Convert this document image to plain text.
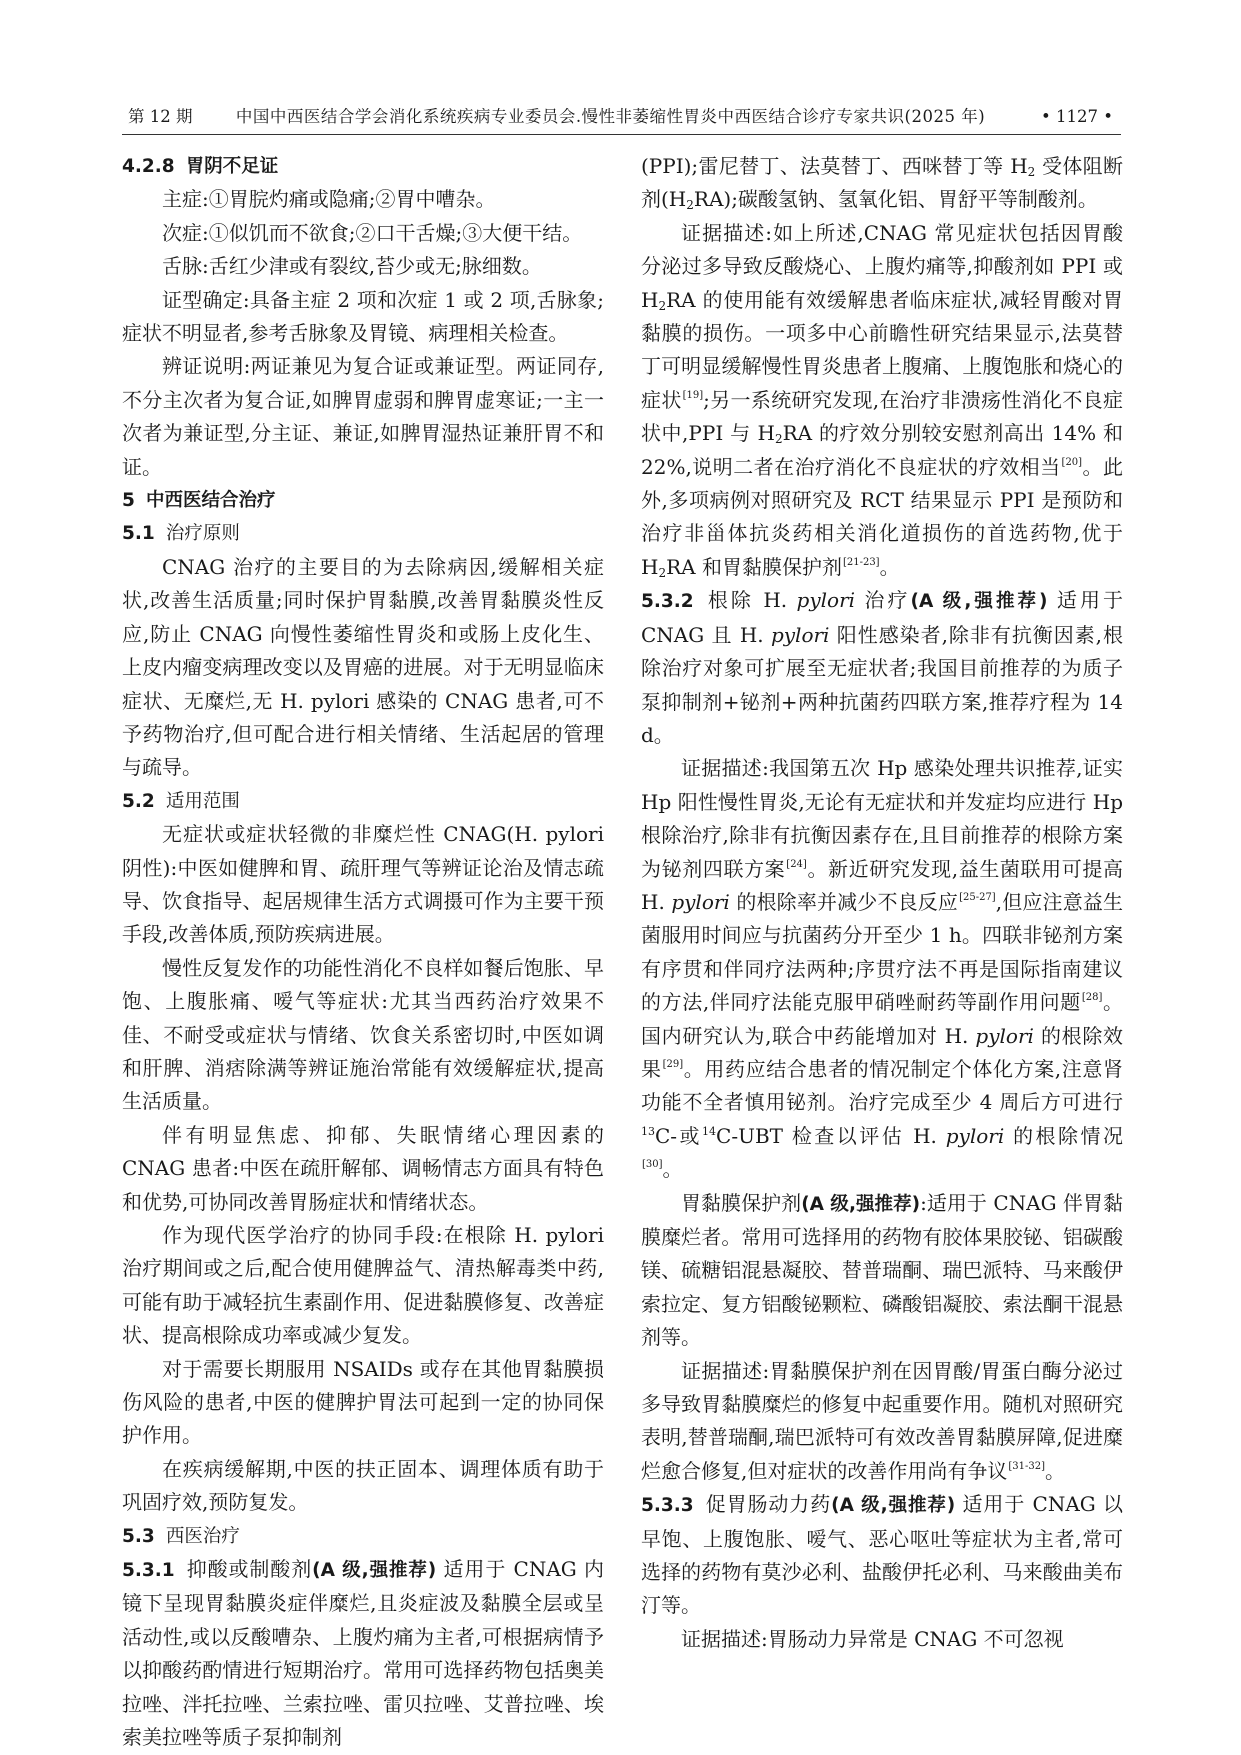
第 12 期	中国中西医结合学会消化系统疾病专业委员会.慢性非萎缩性胃炎中西医结合诊疗专家共识(2025 年)	• 1127 •

4.2.8 胃阴不足证

主症:①胃脘灼痛或隐痛;②胃中嘈杂。

次症:①似饥而不欲食;②口干舌燥;③大便干结。

舌脉:舌红少津或有裂纹,苔少或无;脉细数。

证型确定:具备主症 2 项和次症 1 或 2 项,舌脉象;症状不明显者,参考舌脉象及胃镜、病理相关检查。

辨证说明:两证兼见为复合证或兼证型。两证同存,不分主次者为复合证,如脾胃虚弱和脾胃虚寒证;一主一次者为兼证型,分主证、兼证,如脾胃湿热证兼肝胃不和证。

5 中西医结合治疗

5.1 治疗原则

CNAG 治疗的主要目的为去除病因,缓解相关症状,改善生活质量;同时保护胃黏膜,改善胃黏膜炎性反应,防止 CNAG 向慢性萎缩性胃炎和或肠上皮化生、上皮内瘤变病理改变以及胃癌的进展。对于无明显临床症状、无糜烂,无 H. pylori 感染的 CNAG 患者,可不予药物治疗,但可配合进行相关情绪、生活起居的管理与疏导。

5.2 适用范围

无症状或症状轻微的非糜烂性 CNAG(H. pylori 阴性):中医如健脾和胃、疏肝理气等辨证论治及情志疏导、饮食指导、起居规律生活方式调摄可作为主要干预手段,改善体质,预防疾病进展。

慢性反复发作的功能性消化不良样如餐后饱胀、早饱、上腹胀痛、嗳气等症状:尤其当西药治疗效果不佳、不耐受或症状与情绪、饮食关系密切时,中医如调和肝脾、消痞除满等辨证施治常能有效缓解症状,提高生活质量。

伴有明显焦虑、抑郁、失眠情绪心理因素的 CNAG 患者:中医在疏肝解郁、调畅情志方面具有特色和优势,可协同改善胃肠症状和情绪状态。

作为现代医学治疗的协同手段:在根除 H. pylori 治疗期间或之后,配合使用健脾益气、清热解毒类中药,可能有助于减轻抗生素副作用、促进黏膜修复、改善症状、提高根除成功率或减少复发。

对于需要长期服用 NSAIDs 或存在其他胃黏膜损伤风险的患者,中医的健脾护胃法可起到一定的协同保护作用。

在疾病缓解期,中医的扶正固本、调理体质有助于巩固疗效,预防复发。

5.3 西医治疗

5.3.1 抑酸或制酸剂(A 级,强推荐) 适用于 CNAG 内镜下呈现胃黏膜炎症伴糜烂,且炎症波及黏膜全层或呈活动性,或以反酸嘈杂、上腹灼痛为主者,可根据病情予以抑酸药酌情进行短期治疗。常用可选择药物包括奥美拉唑、泮托拉唑、兰索拉唑、雷贝拉唑、艾普拉唑、埃索美拉唑等质子泵抑制剂

(PPI);雷尼替丁、法莫替丁、西咪替丁等 $H_2$ 受体阻断剂$(H_2RA)$;碳酸氢钠、氢氧化铝、胃舒平等制酸剂。

证据描述:如上所述,CNAG 常见症状包括因胃酸分泌过多导致反酸烧心、上腹灼痛等,抑酸剂如 PPI 或 $H_2RA$ 的使用能有效缓解患者临床症状,减轻胃酸对胃黏膜的损伤。一项多中心前瞻性研究结果显示,法莫替丁可明显缓解慢性胃炎患者上腹痛、上腹饱胀和烧心的症状[19];另一系统研究发现,在治疗非溃疡性消化不良症状中,PPI 与 $H_2RA$ 的疗效分别较安慰剂高出 14% 和 22%,说明二者在治疗消化不良症状的疗效相当[20]。此外,多项病例对照研究及 RCT 结果显示 PPI 是预防和治疗非甾体抗炎药相关消化道损伤的首选药物,优于 $H_2RA$ 和胃黏膜保护剂[21-23]。

5.3.2 根除 H. pylori 治疗(A 级,强推荐) 适用于 CNAG 且 H. pylori 阳性感染者,除非有抗衡因素,根除治疗对象可扩展至无症状者;我国目前推荐的为质子泵抑制剂+铋剂+两种抗菌药四联方案,推荐疗程为 14 d。

证据描述:我国第五次 Hp 感染处理共识推荐,证实 Hp 阳性慢性胃炎,无论有无症状和并发症均应进行 Hp 根除治疗,除非有抗衡因素存在,且目前推荐的根除方案为铋剂四联方案[24]。新近研究发现,益生菌联用可提高 H. pylori 的根除率并减少不良反应[25-27],但应注意益生菌服用时间应与抗菌药分开至少 1 h。四联非铋剂方案有序贯和伴同疗法两种;序贯疗法不再是国际指南建议的方法,伴同疗法能克服甲硝唑耐药等副作用问题[28]。国内研究认为,联合中药能增加对 H. pylori 的根除效果[29]。用药应结合患者的情况制定个体化方案,注意肾功能不全者慎用铋剂。治疗完成至少 4 周后方可进行$^{13}$C-或$^{14}$C-UBT 检查以评估 H. pylori 的根除情况[30]。

胃黏膜保护剂(A 级,强推荐):适用于 CNAG 伴胃黏膜糜烂者。常用可选择用的药物有胶体果胶铋、铝碳酸镁、硫糖铝混悬凝胶、替普瑞酮、瑞巴派特、马来酸伊索拉定、复方铝酸铋颗粒、磷酸铝凝胶、索法酮干混悬剂等。

证据描述:胃黏膜保护剂在因胃酸/胃蛋白酶分泌过多导致胃黏膜糜烂的修复中起重要作用。随机对照研究表明,替普瑞酮,瑞巴派特可有效改善胃黏膜屏障,促进糜烂愈合修复,但对症状的改善作用尚有争议[31-32]。

5.3.3 促胃肠动力药(A 级,强推荐) 适用于 CNAG 以早饱、上腹饱胀、嗳气、恶心呕吐等症状为主者,常可选择的药物有莫沙必利、盐酸伊托必利、马来酸曲美布汀等。

证据描述:胃肠动力异常是 CNAG 不可忽视
